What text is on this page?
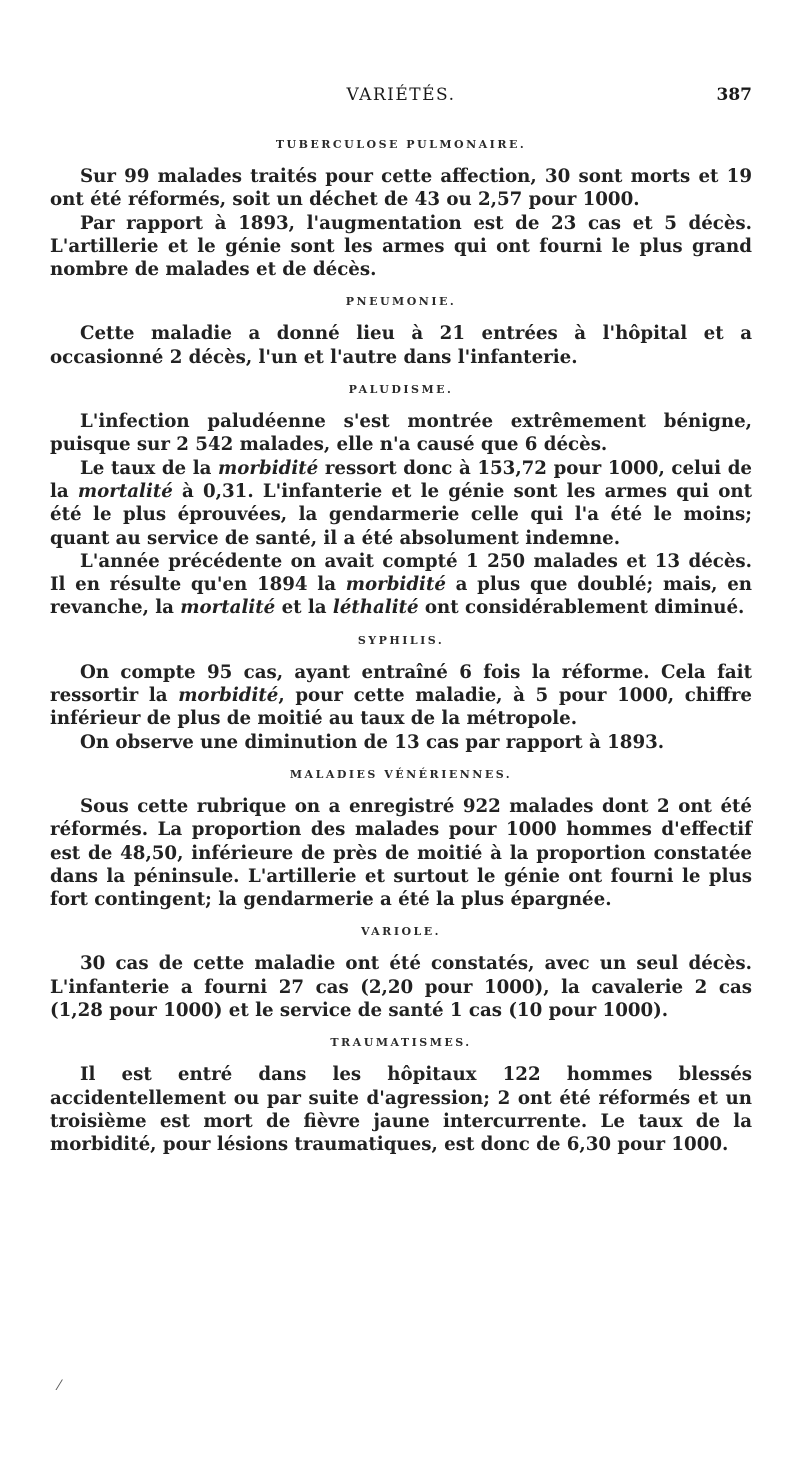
VARIÉTÉS.	387
TUBERCULOSE PULMONAIRE.

Sur 99 malades traités pour cette affection, 30 sont morts et 19 ont été réformés, soit un déchet de 43 ou 2,57 pour 1000.

Par rapport à 1893, l'augmentation est de 23 cas et 5 décès. L'artillerie et le génie sont les armes qui ont fourni le plus grand nombre de malades et de décès.

PNEUMONIE.

Cette maladie a donné lieu à 21 entrées à l'hôpital et a occasionné 2 décès, l'un et l'autre dans l'infanterie.

PALUDISME.

L'infection paludéenne s'est montrée extrêmement bénigne, puisque sur 2 542 malades, elle n'a causé que 6 décès.

Le taux de la morbidité ressort donc à 153,72 pour 1000, celui de la mortalité à 0,31. L'infanterie et le génie sont les armes qui ont été le plus éprouvées, la gendarmerie celle qui l'a été le moins; quant au service de santé, il a été absolument indemne.

L'année précédente on avait compté 1 250 malades et 13 décès. Il en résulte qu'en 1894 la morbidité a plus que doublé; mais, en revanche, la mortalité et la léthalité ont considérablement diminué.

SYPHILIS.

On compte 95 cas, ayant entraîné 6 fois la réforme. Cela fait ressortir la morbidité, pour cette maladie, à 5 pour 1000, chiffre inférieur de plus de moitié au taux de la métropole.

On observe une diminution de 13 cas par rapport à 1893.

MALADIES VÉNÉRIENNES.

Sous cette rubrique on a enregistré 922 malades dont 2 ont été réformés. La proportion des malades pour 1000 hommes d'effectif est de 48,50, inférieure de près de moitié à la proportion constatée dans la péninsule. L'artillerie et surtout le génie ont fourni le plus fort contingent; la gendarmerie a été la plus épargnée.

VARIOLE.

30 cas de cette maladie ont été constatés, avec un seul décès. L'infanterie a fourni 27 cas (2,20 pour 1000), la cavalerie 2 cas (1,28 pour 1000) et le service de santé 1 cas (10 pour 1000).

TRAUMATISMES.

Il est entré dans les hôpitaux 122 hommes blessés accidentellement ou par suite d'agression; 2 ont été réformés et un troisième est mort de fièvre jaune intercurrente. Le taux de la morbidité, pour lésions traumatiques, est donc de 6,30 pour 1000.

⁄
